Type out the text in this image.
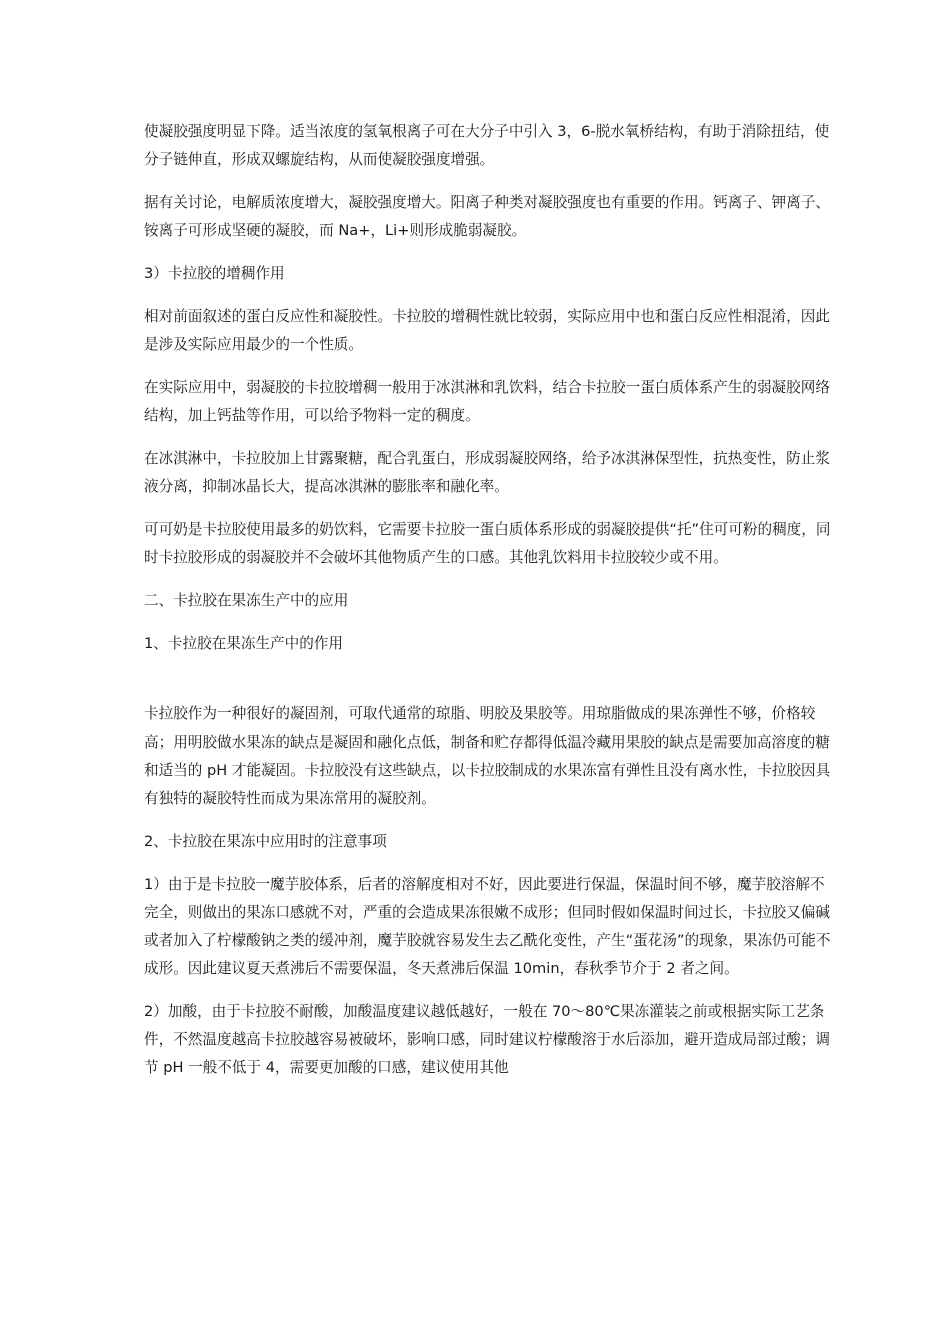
使凝胶强度明显下降。适当浓度的氢氧根离子可在大分子中引入 3，6-脱水氧桥结构，有助于消除扭结，使分子链伸直，形成双螺旋结构，从而使凝胶强度增强。

据有关讨论，电解质浓度增大，凝胶强度增大。阳离子种类对凝胶强度也有重要的作用。钙离子、钾离子、铵离子可形成坚硬的凝胶，而 Na+，Li+则形成脆弱凝胶。

3）卡拉胶的增稠作用

相对前面叙述的蛋白反应性和凝胶性。卡拉胶的增稠性就比较弱，实际应用中也和蛋白反应性相混淆，因此是涉及实际应用最少的一个性质。

在实际应用中，弱凝胶的卡拉胶增稠一般用于冰淇淋和乳饮料，结合卡拉胶一蛋白质体系产生的弱凝胶网络结构，加上钙盐等作用，可以给予物料一定的稠度。

在冰淇淋中，卡拉胶加上甘露聚糖，配合乳蛋白，形成弱凝胶网络，给予冰淇淋保型性，抗热变性，防止浆液分离，抑制冰晶长大，提高冰淇淋的膨胀率和融化率。

可可奶是卡拉胶使用最多的奶饮料，它需要卡拉胶一蛋白质体系形成的弱凝胶提供“托”住可可粉的稠度，同时卡拉胶形成的弱凝胶并不会破坏其他物质产生的口感。其他乳饮料用卡拉胶较少或不用。

二、卡拉胶在果冻生产中的应用

1、卡拉胶在果冻生产中的作用

卡拉胶作为一种很好的凝固剂，可取代通常的琼脂、明胶及果胶等。用琼脂做成的果冻弹性不够，价格较高；用明胶做水果冻的缺点是凝固和融化点低，制备和贮存都得低温冷藏用果胶的缺点是需要加高溶度的糖和适当的 pH 才能凝固。卡拉胶没有这些缺点，以卡拉胶制成的水果冻富有弹性且没有离水性，卡拉胶因具有独特的凝胶特性而成为果冻常用的凝胶剂。

2、卡拉胶在果冻中应用时的注意事项

1）由于是卡拉胶一魔芋胶体系，后者的溶解度相对不好，因此要进行保温，保温时间不够，魔芋胶溶解不完全，则做出的果冻口感就不对，严重的会造成果冻很嫩不成形；但同时假如保温时间过长，卡拉胶又偏碱或者加入了柠檬酸钠之类的缓冲剂，魔芋胶就容易发生去乙酰化变性，产生“蛋花汤”的现象，果冻仍可能不成形。因此建议夏天煮沸后不需要保温，冬天煮沸后保温 10min，春秋季节介于 2 者之间。

2）加酸，由于卡拉胶不耐酸，加酸温度建议越低越好，一般在 70～80℃果冻灌装之前或根据实际工艺条件，不然温度越高卡拉胶越容易被破坏，影响口感，同时建议柠檬酸溶于水后添加，避开造成局部过酸；调节 pH 一般不低于 4，需要更加酸的口感，建议使用其他
